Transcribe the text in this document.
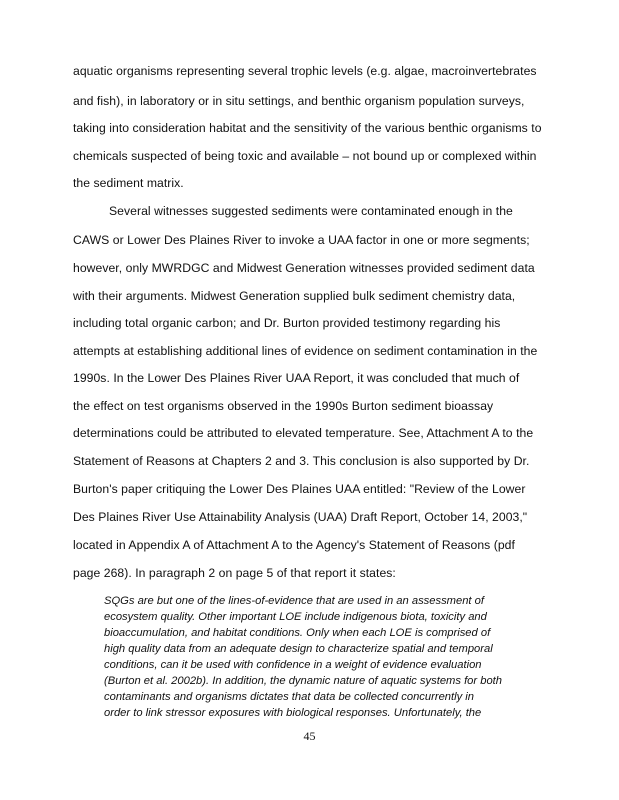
aquatic organisms representing several trophic levels (e.g. algae, macroinvertebrates
and fish), in laboratory or in situ settings, and benthic organism population surveys,
taking into consideration habitat and the sensitivity of the various benthic organisms to
chemicals suspected of being toxic and available – not bound up or complexed within
the sediment matrix.
Several witnesses suggested sediments were contaminated enough in the
CAWS or Lower Des Plaines River to invoke a UAA factor in one or more segments;
however, only MWRDGC and Midwest Generation witnesses provided sediment data
with their arguments. Midwest Generation supplied bulk sediment chemistry data,
including total organic carbon; and Dr. Burton provided testimony regarding his
attempts at establishing additional lines of evidence on sediment contamination in the
1990s. In the Lower Des Plaines River UAA Report, it was concluded that much of
the effect on test organisms observed in the 1990s Burton sediment bioassay
determinations could be attributed to elevated temperature. See, Attachment A to the
Statement of Reasons at Chapters 2 and 3. This conclusion is also supported by Dr.
Burton's paper critiquing the Lower Des Plaines UAA entitled: "Review of the Lower
Des Plaines River Use Attainability Analysis (UAA) Draft Report, October 14, 2003,"
located in Appendix A of Attachment A to the Agency's Statement of Reasons (pdf
page 268). In paragraph 2 on page 5 of that report it states:
SQGs are but one of the lines-of-evidence that are used in an assessment of
ecosystem quality. Other important LOE include indigenous biota, toxicity and
bioaccumulation, and habitat conditions. Only when each LOE is comprised of
high quality data from an adequate design to characterize spatial and temporal
conditions, can it be used with confidence in a weight of evidence evaluation
(Burton et al. 2002b). In addition, the dynamic nature of aquatic systems for both
contaminants and organisms dictates that data be collected concurrently in
order to link stressor exposures with biological responses. Unfortunately, the
45
